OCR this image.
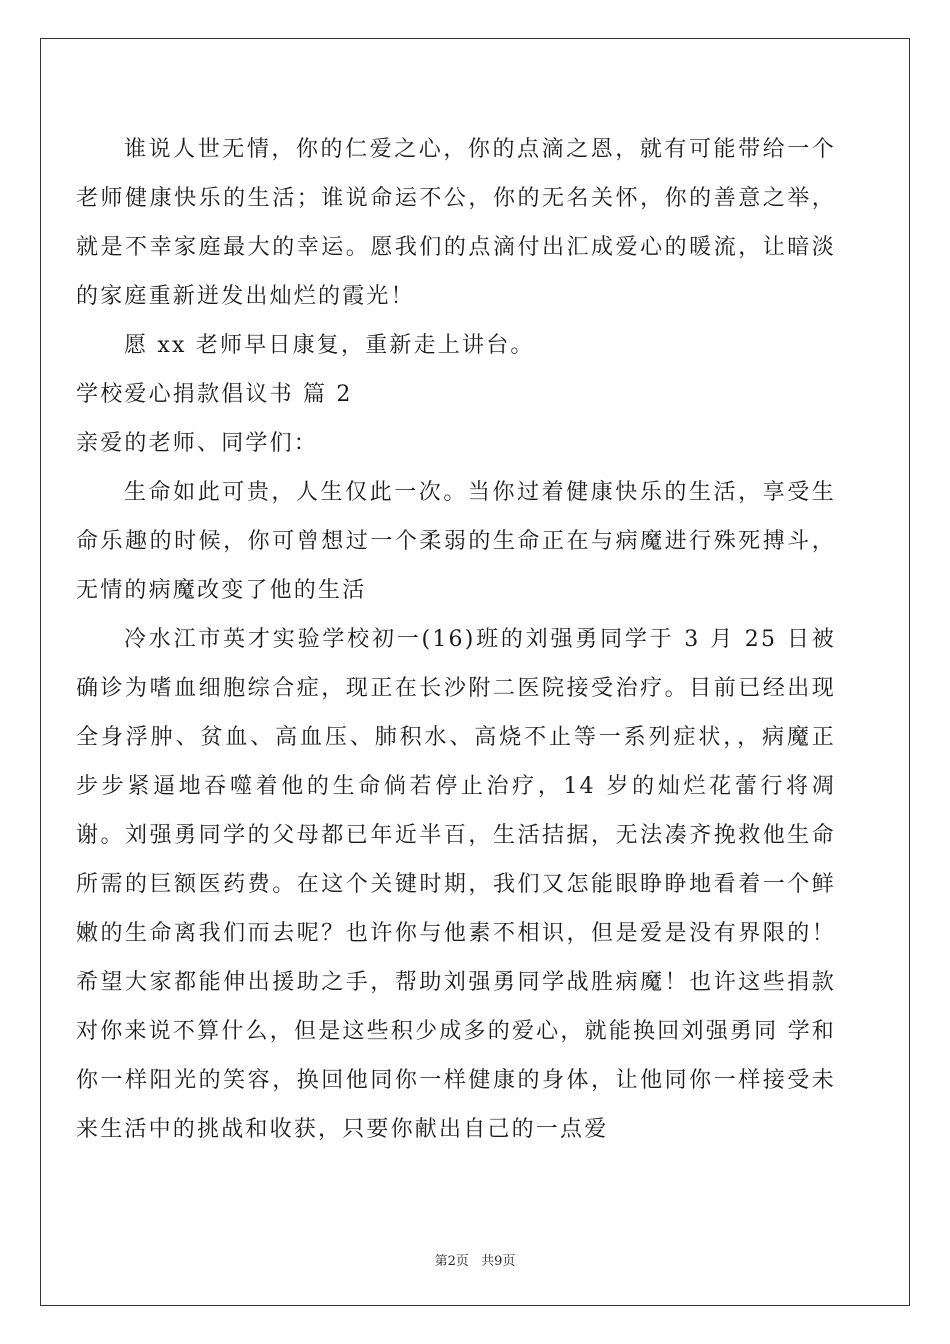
谁说人世无情，你的仁爱之心，你的点滴之恩，就有可能带给一个老师健康快乐的生活；谁说命运不公，你的无名关怀，你的善意之举，就是不幸家庭最大的幸运。愿我们的点滴付出汇成爱心的暖流，让暗淡的家庭重新迸发出灿烂的霞光！

愿 xx 老师早日康复，重新走上讲台。

学校爱心捐款倡议书 篇 2

亲爱的老师、同学们：

生命如此可贵，人生仅此一次。当你过着健康快乐的生活，享受生命乐趣的时候，你可曾想过一个柔弱的生命正在与病魔进行殊死搏斗，无情的病魔改变了他的生活

冷水江市英才实验学校初一(16)班的刘强勇同学于 3 月 25 日被确诊为嗜血细胞综合症，现正在长沙附二医院接受治疗。目前已经出现全身浮肿、贫血、高血压、肺积水、高烧不止等一系列症状，，病魔正步步紧逼地吞噬着他的生命倘若停止治疗，14 岁的灿烂花蕾行将凋谢。刘强勇同学的父母都已年近半百，生活拮据，无法凑齐挽救他生命所需的巨额医药费。在这个关键时期，我们又怎能眼睁睁地看着一个鲜嫩的生命离我们而去呢？也许你与他素不相识，但是爱是没有界限的！希望大家都能伸出援助之手，帮助刘强勇同学战胜病魔！也许这些捐款对你来说不算什么，但是这些积少成多的爱心，就能换回刘强勇同 学和你一样阳光的笑容，换回他同你一样健康的身体，让他同你一样接受未来生活中的挑战和收获，只要你献出自己的一点爱

第2页 共9页
